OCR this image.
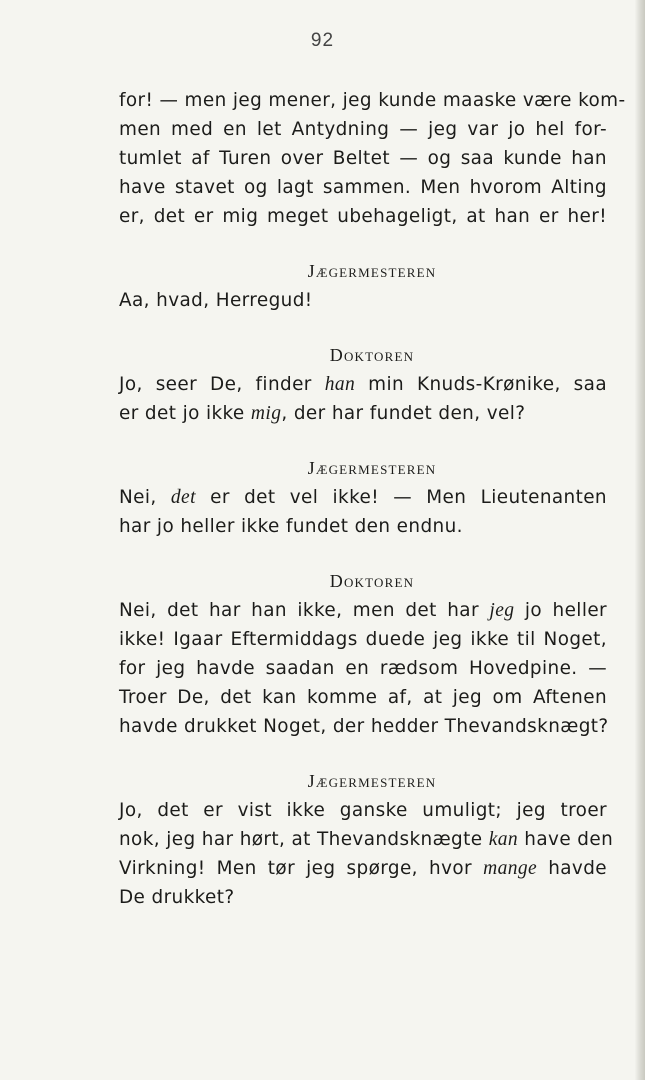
92
for! — men jeg mener, jeg kunde maaske være kom-
men med en let Antydning — jeg var jo hel for-
tumlet af Turen over Beltet — og saa kunde han
have stavet og lagt sammen. Men hvorom Alting
er, det er mig meget ubehageligt, at han er her!
Jægermesteren
Aa, hvad, Herregud!
Doktoren
Jo, seer De, finder han min Knuds-Krønike, saa
er det jo ikke mig, der har fundet den, vel?
Jægermesteren
Nei, det er det vel ikke! — Men Lieutenanten
har jo heller ikke fundet den endnu.
Doktoren
Nei, det har han ikke, men det har jeg jo heller
ikke! Igaar Eftermiddags duede jeg ikke til Noget,
for jeg havde saadan en rædsom Hovedpine. —
Troer De, det kan komme af, at jeg om Aftenen
havde drukket Noget, der hedder Thevandsknægt?
Jægermesteren
Jo, det er vist ikke ganske umuligt; jeg troer
nok, jeg har hørt, at Thevandsknægte kan have den
Virkning! Men tør jeg spørge, hvor mange havde
De drukket?
